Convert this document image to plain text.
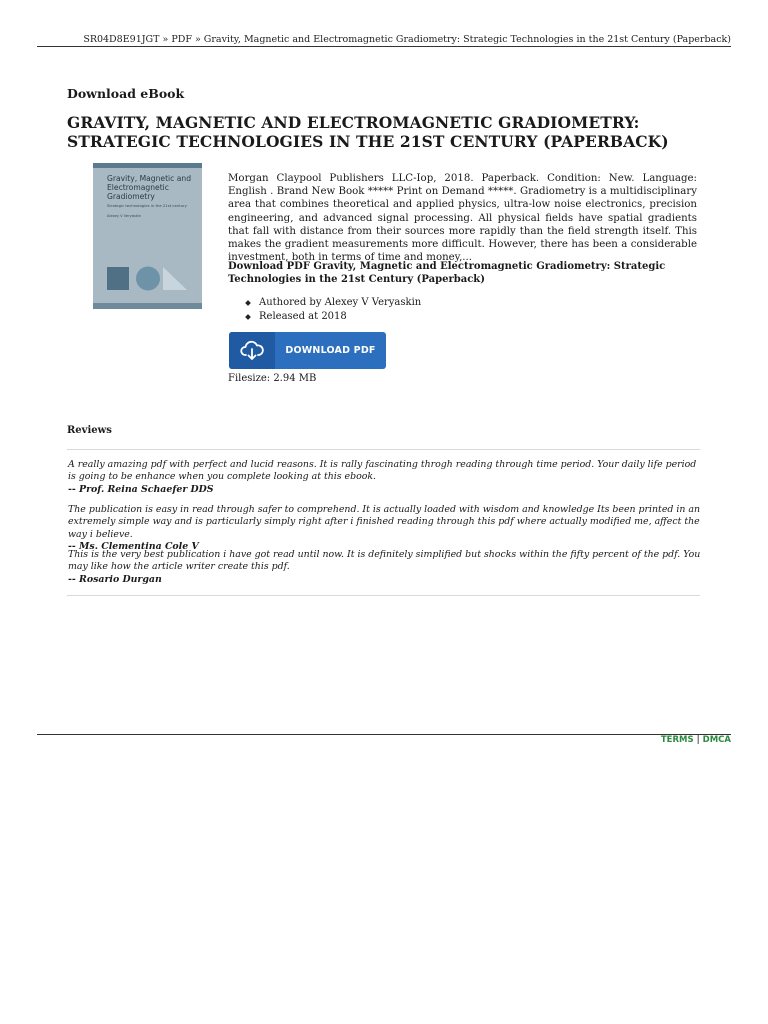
SR04D8E91JGT » PDF » Gravity, Magnetic and Electromagnetic Gradiometry: Strategic Technologies in the 21st Century (Paperback)
Download eBook
GRAVITY, MAGNETIC AND ELECTROMAGNETIC GRADIOMETRY: STRATEGIC TECHNOLOGIES IN THE 21ST CENTURY (PAPERBACK)
Gravity, Magnetic and Electromagnetic Gradiometry
Strategic technologies in the 21st century
Alexey V Veryaskin
Morgan Claypool Publishers LLC-Iop, 2018. Paperback. Condition: New. Language: English . Brand New Book ***** Print on Demand *****. Gradiometry is a multidisciplinary area that combines theoretical and applied physics, ultra-low noise electronics, precision engineering, and advanced signal processing. All physical fields have spatial gradients that fall with distance from their sources more rapidly than the field strength itself. This makes the gradient measurements more difficult. However, there has been a considerable investment, both in terms of time and money,...
Download PDF Gravity, Magnetic and Electromagnetic Gradiometry: Strategic Technologies in the 21st Century (Paperback)
Authored by Alexey V Veryaskin
Released at 2018
DOWNLOAD PDF
Filesize: 2.94 MB
Reviews
A really amazing pdf with perfect and lucid reasons. It is rally fascinating throgh reading through time period. Your daily life period is going to be enhance when you complete looking at this ebook.
-- Prof. Reina Schaefer DDS
The publication is easy in read through safer to comprehend. It is actually loaded with wisdom and knowledge Its been printed in an extremely simple way and is particularly simply right after i finished reading through this pdf where actually modified me, affect the way i believe.
-- Ms. Clementina Cole V
This is the very best publication i have got read until now. It is definitely simplified but shocks within the fifty percent of the pdf. You may like how the article writer create this pdf.
-- Rosario Durgan
TERMS | DMCA
